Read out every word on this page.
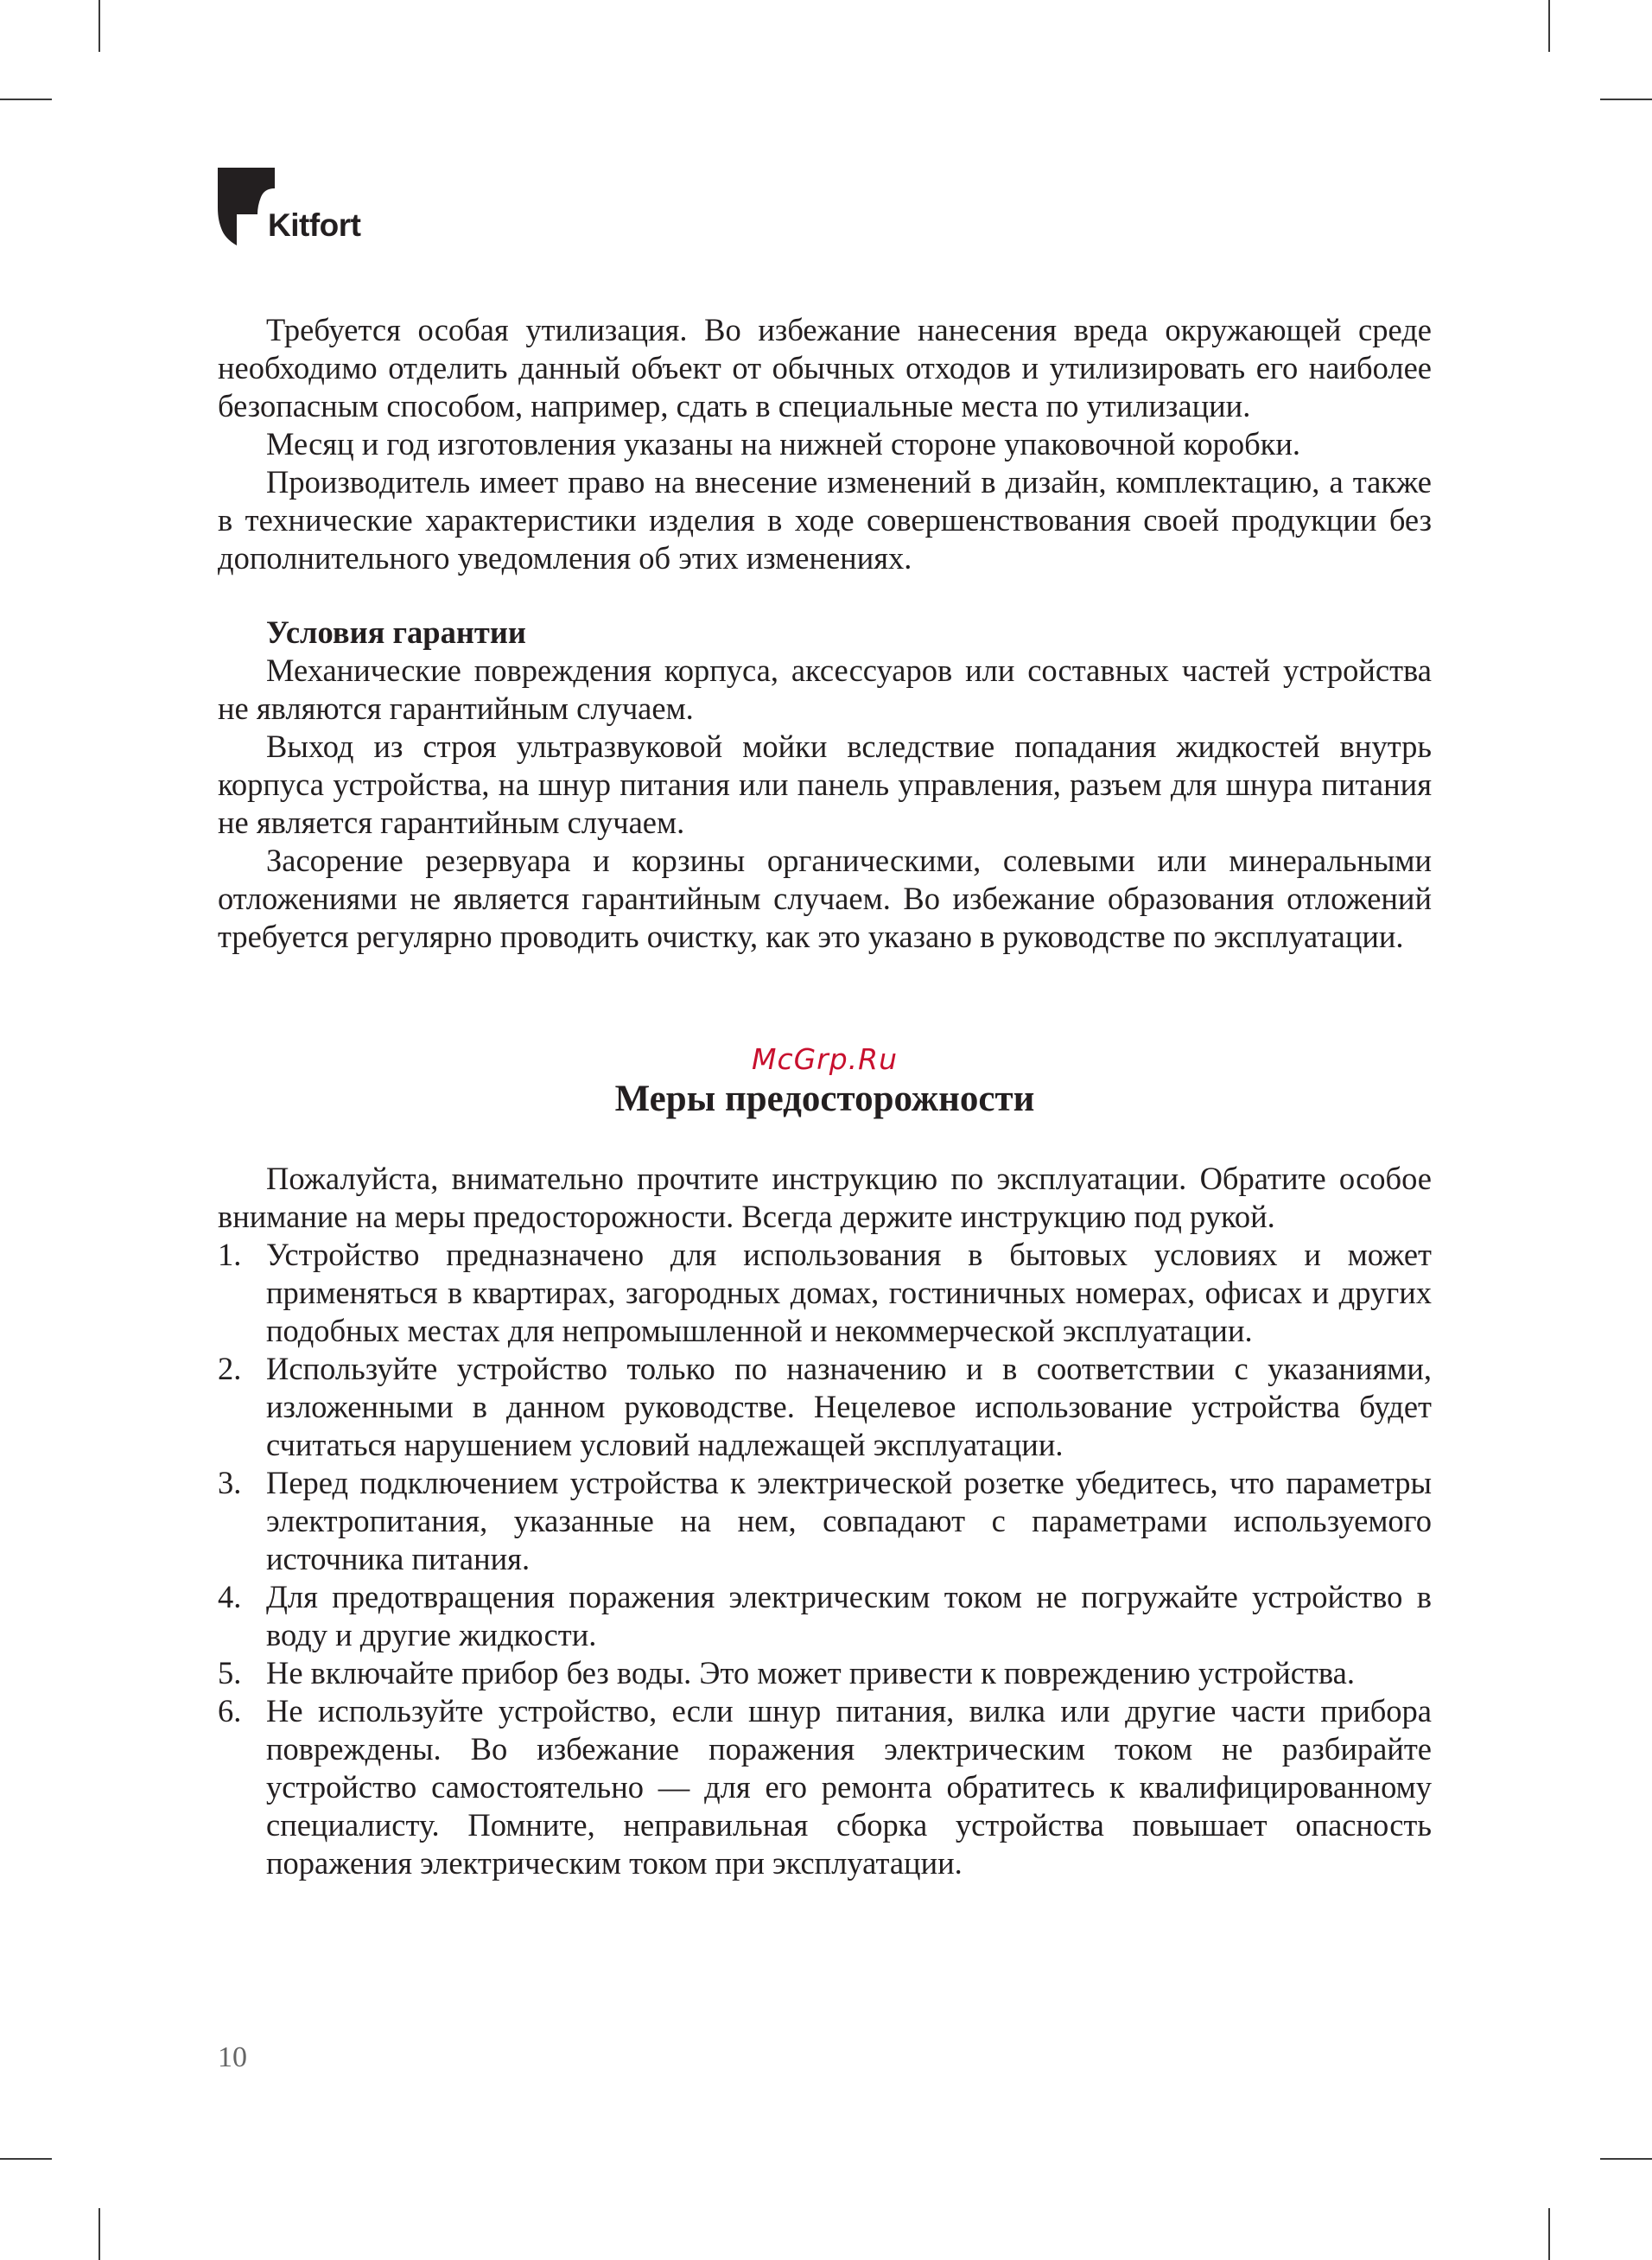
Kitfort

Требуется особая утилизация. Во избежание нанесения вреда окружающей среде необходимо отделить данный объект от обычных отходов и утилизировать его наиболее безопасным способом, например, сдать в специальные места по утилизации.

Месяц и год изготовления указаны на нижней стороне упаковочной коробки.

Производитель имеет право на внесение изменений в дизайн, комплектацию, а также в технические характеристики изделия в ходе совершенствования своей продукции без дополнительного уведомления об этих изменениях.

Условия гарантии

Механические повреждения корпуса, аксессуаров или составных частей устройства не являются гарантийным случаем.

Выход из строя ультразвуковой мойки вследствие попадания жидкостей внутрь корпуса устройства, на шнур питания или панель управления, разъем для шнура питания не является гарантийным случаем.

Засорение резервуара и корзины органическими, солевыми или минеральными отложениями не является гарантийным случаем. Во избежание образования отложений требуется регулярно проводить очистку, как это указано в руководстве по эксплуатации.

McGrp.Ru
Меры предосторожности

Пожалуйста, внимательно прочтите инструкцию по эксплуатации. Обратите особое внимание на меры предосторожности. Всегда держите инструкцию под рукой.

1. Устройство предназначено для использования в бытовых условиях и может применяться в квартирах, загородных домах, гостиничных номерах, офисах и других подобных местах для непромышленной и некоммерческой эксплуатации.
2. Используйте устройство только по назначению и в соответствии с указаниями, изложенными в данном руководстве. Нецелевое использование устройства будет считаться нарушением условий надлежащей эксплуатации.
3. Перед подключением устройства к электрической розетке убедитесь, что параметры электропитания, указанные на нем, совпадают с параметрами используемого источника питания.
4. Для предотвращения поражения электрическим током не погружайте устройство в воду и другие жидкости.
5. Не включайте прибор без воды. Это может привести к повреждению устройства.
6. Не используйте устройство, если шнур питания, вилка или другие части прибора повреждены. Во избежание поражения электрическим током не разбирайте устройство самостоятельно — для его ремонта обратитесь к квалифицированному специалисту. Помните, неправильная сборка устройства повышает опасность поражения электрическим током при эксплуатации.
10
